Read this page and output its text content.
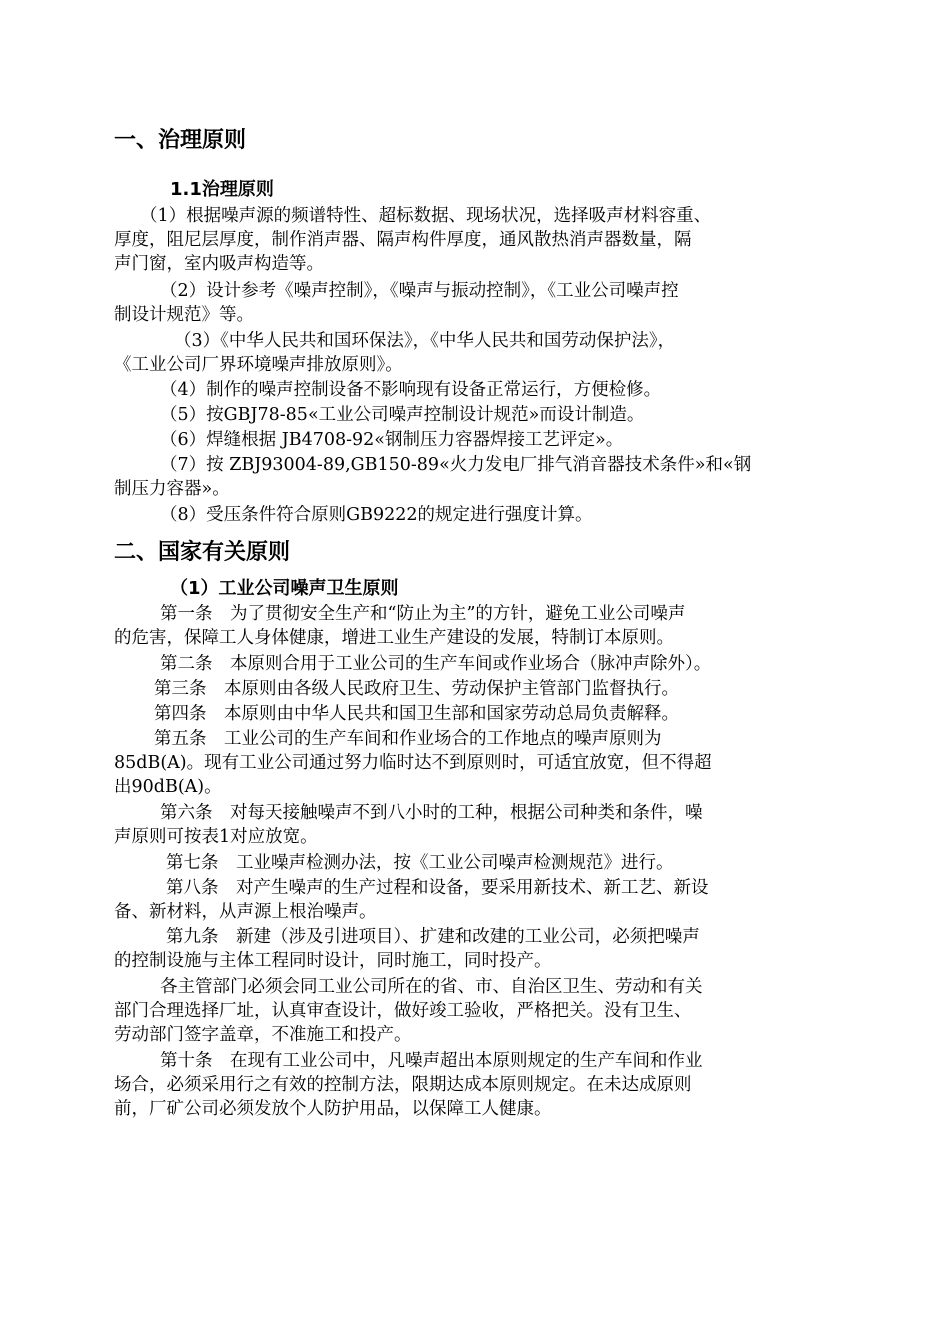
一、治理原则
1.1治理原则
（1）根据噪声源的频谱特性、超标数据、现场状况，选择吸声材料容重、
厚度，阻尼层厚度，制作消声器、隔声构件厚度，通风散热消声器数量，隔
声门窗，室内吸声构造等。
（2）设计参考《噪声控制》，《噪声与振动控制》，《工业公司噪声控
制设计规范》等。
（3）《中华人民共和国环保法》，《中华人民共和国劳动保护法》，
《工业公司厂界环境噪声排放原则》。
（4）制作的噪声控制设备不影响现有设备正常运行，方便检修。
（5）按GBJ78-85«工业公司噪声控制设计规范»而设计制造。
（6）焊缝根据 JB4708-92«钢制压力容器焊接工艺评定»。
（7）按 ZBJ93004-89,GB150-89«火力发电厂排气消音器技术条件»和«钢
制压力容器»。
（8）受压条件符合原则GB9222的规定进行强度计算。
二、国家有关原则
（1）工业公司噪声卫生原则
第一条　为了贯彻安全生产和“防止为主”的方针，避免工业公司噪声
的危害，保障工人身体健康，增进工业生产建设的发展，特制订本原则。
第二条　本原则合用于工业公司的生产车间或作业场合（脉冲声除外）。
第三条　本原则由各级人民政府卫生、劳动保护主管部门监督执行。
第四条　本原则由中华人民共和国卫生部和国家劳动总局负责解释。
第五条　工业公司的生产车间和作业场合的工作地点的噪声原则为
85dB(A)。现有工业公司通过努力临时达不到原则时，可适宜放宽，但不得超
出90dB(A)。
第六条　对每天接触噪声不到八小时的工种，根据公司种类和条件，噪
声原则可按表1对应放宽。
第七条　工业噪声检测办法，按《工业公司噪声检测规范》进行。
第八条　对产生噪声的生产过程和设备，要采用新技术、新工艺、新设
备、新材料，从声源上根治噪声。
第九条　新建（涉及引进项目）、扩建和改建的工业公司，必须把噪声
的控制设施与主体工程同时设计，同时施工，同时投产。
各主管部门必须会同工业公司所在的省、市、自治区卫生、劳动和有关
部门合理选择厂址，认真审查设计，做好竣工验收，严格把关。没有卫生、
劳动部门签字盖章，不准施工和投产。
第十条　在现有工业公司中，凡噪声超出本原则规定的生产车间和作业
场合，必须采用行之有效的控制方法，限期达成本原则规定。在未达成原则
前，厂矿公司必须发放个人防护用品，以保障工人健康。
